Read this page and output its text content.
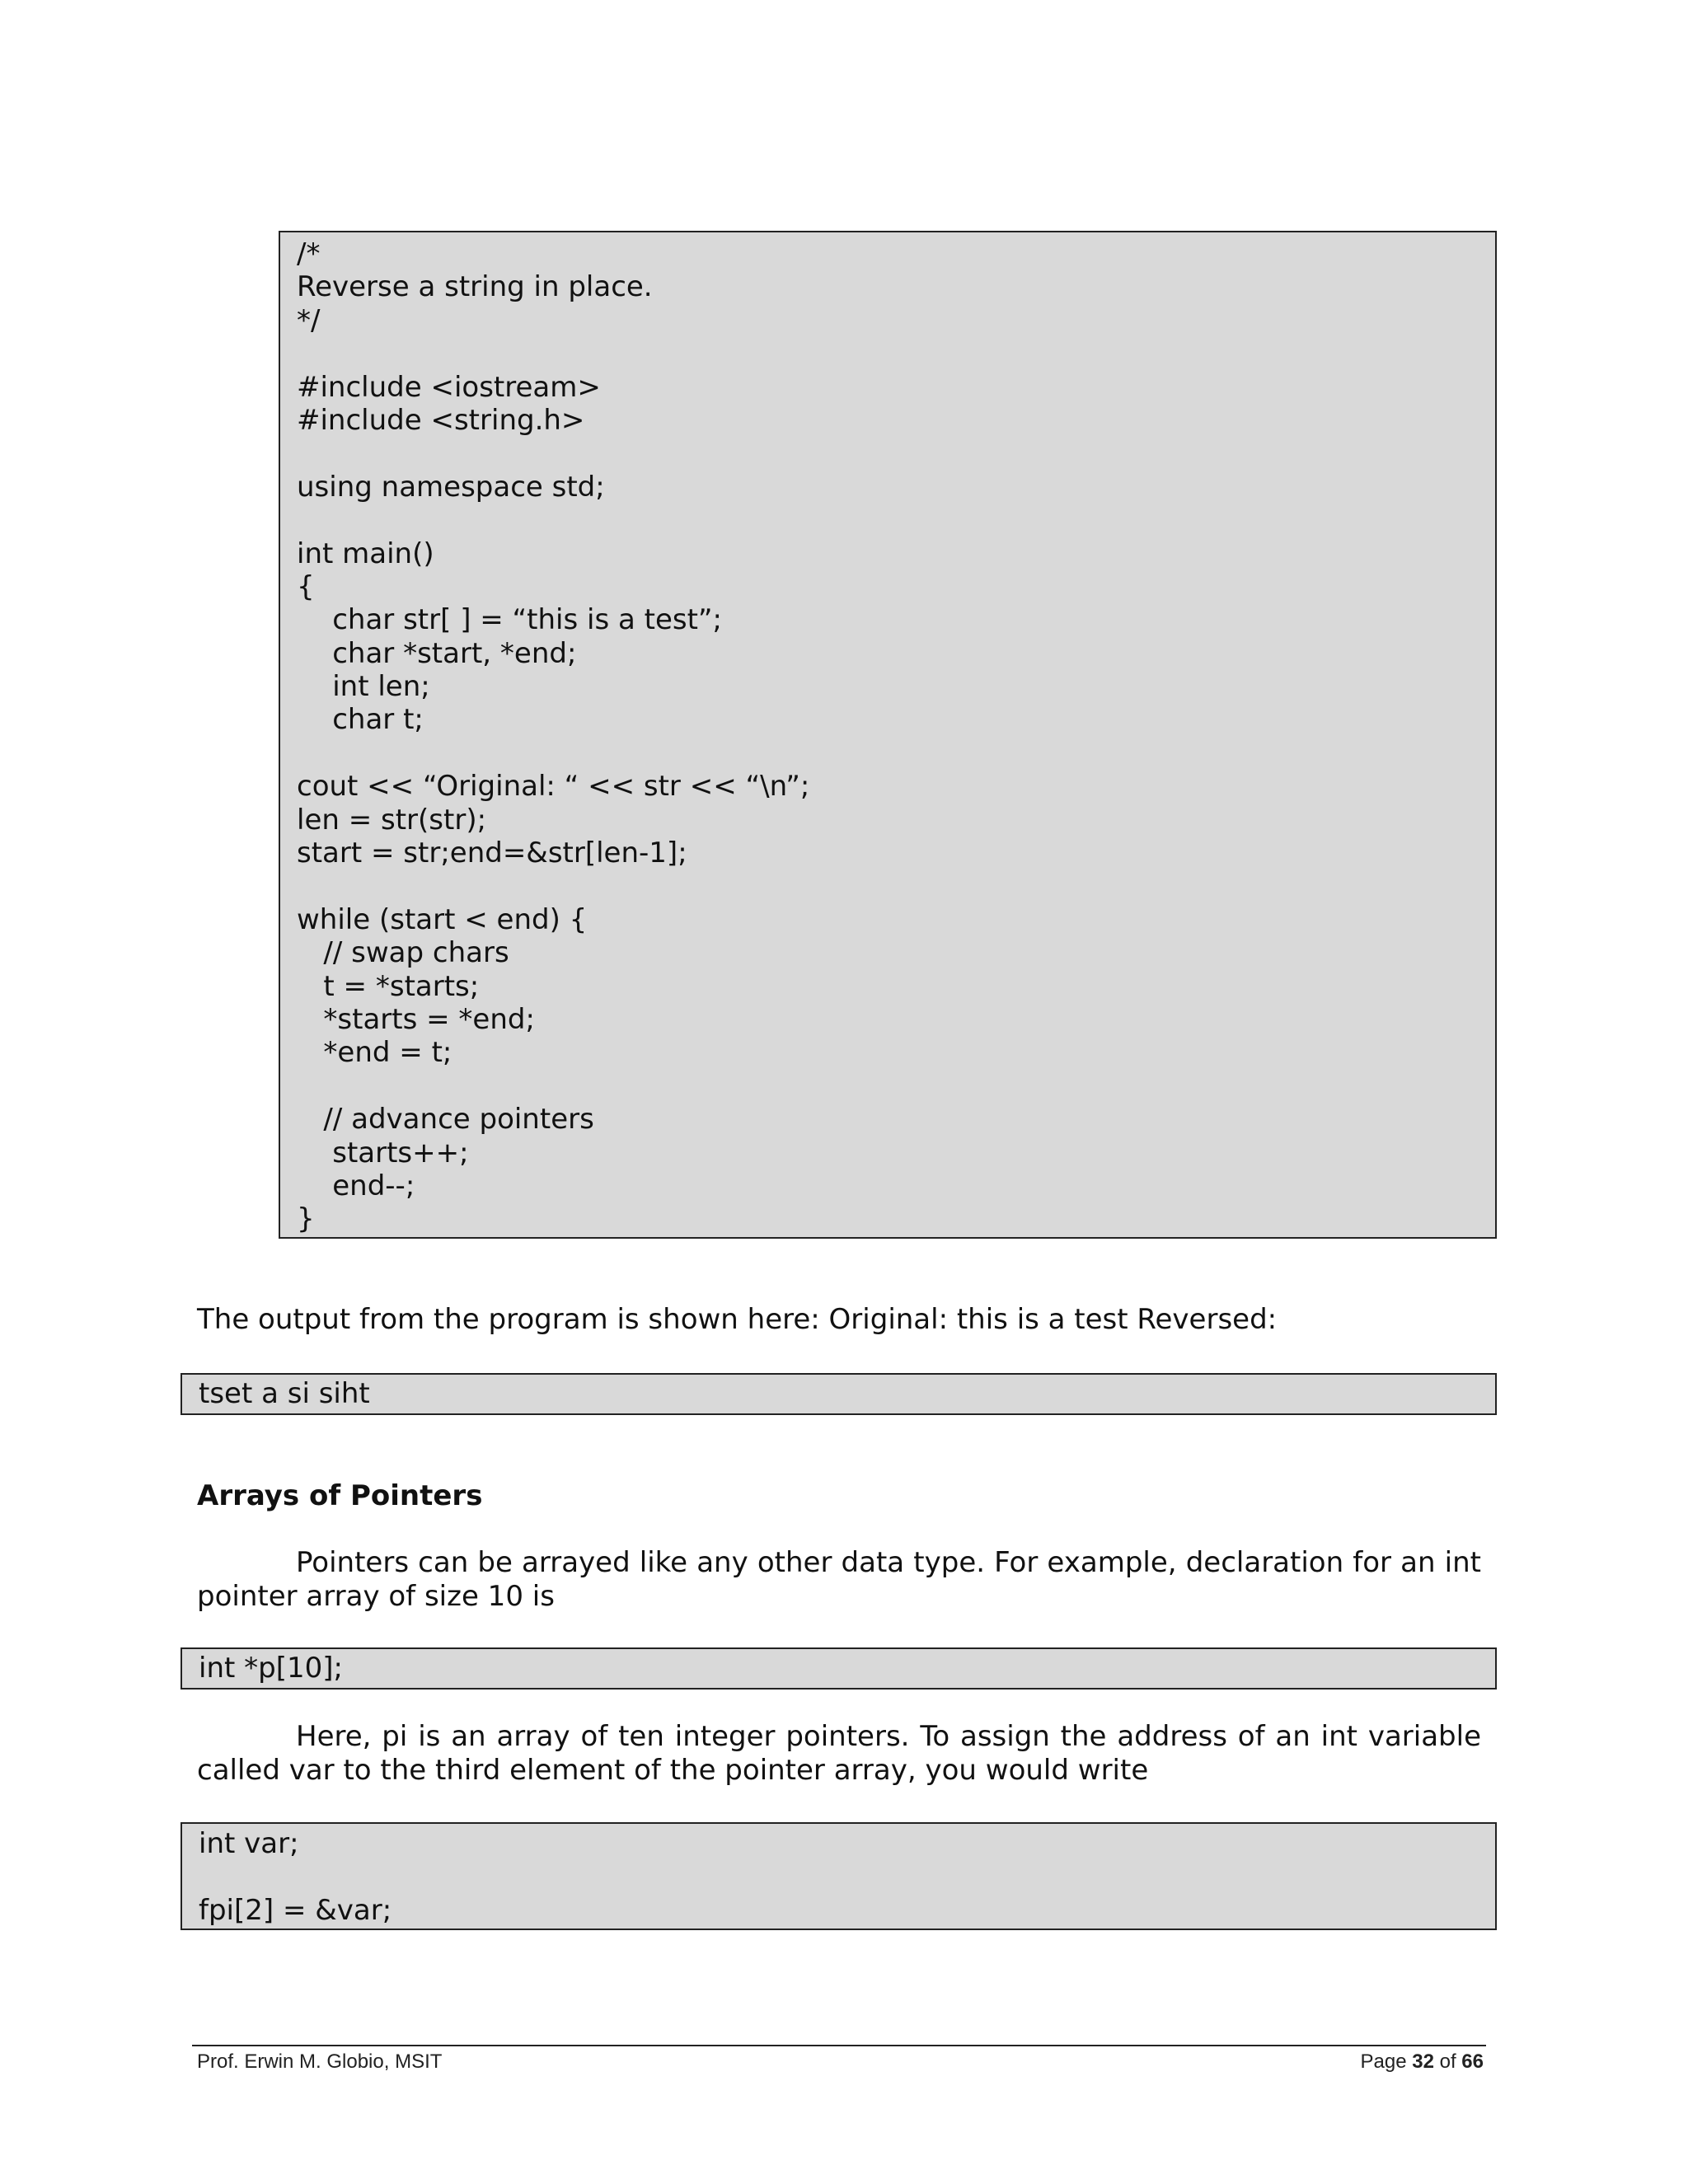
/*
Reverse a string in place.
*/
#include <iostream>
#include <string.h>
using namespace std;
int main()
{
char str[ ] = “this is a test”;
char *start, *end;
int len;
char t;
cout << “Original: “ << str << “\n”;
len = str(str);
start = str;end=&str[len-1];
while (start < end) {
// swap chars
t = *starts;
*starts = *end;
*end = t;
// advance pointers
starts++;
end--;
}
The output from the program is shown here: Original: this is a test Reversed:
tset a si siht
Arrays of Pointers
Pointers can be arrayed like any other data type. For example, declaration for an int pointer array of size 10 is
int *p[10];
Here, pi is an array of ten integer pointers. To assign the address of an int variable called var to the third element of the pointer array, you would write
int var;
fpi[2] = &var;
Prof. Erwin M. Globio, MSIT	Page 32 of 66
